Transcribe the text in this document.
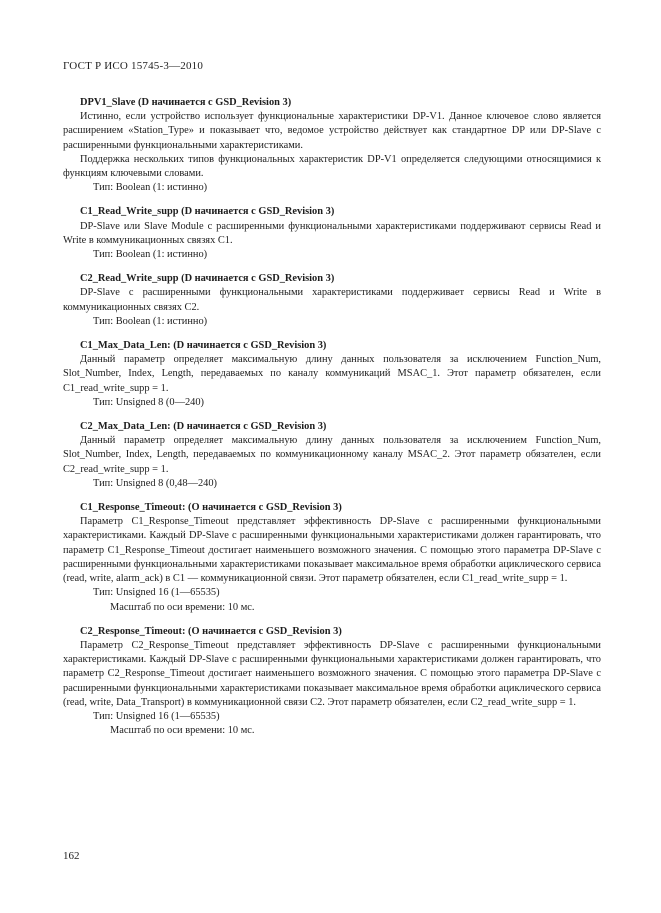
ГОСТ Р ИСО 15745-3—2010

DPV1_Slave (D начинается с GSD_Revision 3)

Истинно, если устройство использует функциональные характеристики DP-V1. Данное ключевое слово является расширением «Station_Type» и показывает что, ведомое устройство действует как стандартное DP или DP-Slave с расширенными функциональными характеристиками.

Поддержка нескольких типов функциональных характеристик DP-V1 определяется следующими относящимися к функциям ключевыми словами.

Тип: Boolean (1: истинно)

C1_Read_Write_supp (D начинается с GSD_Revision 3)

DP-Slave или Slave Module с расширенными функциональными характеристиками поддерживают сервисы Read и Write в коммуникационных связях C1.

Тип: Boolean (1: истинно)

C2_Read_Write_supp (D начинается с GSD_Revision 3)

DP-Slave с расширенными функциональными характеристиками поддерживает сервисы Read и Write в коммуникационных связях C2.

Тип: Boolean (1: истинно)

C1_Max_Data_Len: (D начинается с GSD_Revision 3)

Данный параметр определяет максимальную длину данных пользователя за исключением Function_Num, Slot_Number, Index, Length, передаваемых по каналу коммуникаций MSAC_1. Этот параметр обязателен, если C1_read_write_supp = 1.

Тип: Unsigned 8 (0—240)

C2_Max_Data_Len: (D начинается с GSD_Revision 3)

Данный параметр определяет максимальную длину данных пользователя за исключением Function_Num, Slot_Number, Index, Length, передаваемых по коммуникационному каналу MSAC_2. Этот параметр обязателен, если C2_read_write_supp = 1.

Тип: Unsigned 8 (0,48—240)

C1_Response_Timeout: (O начинается с GSD_Revision 3)

Параметр C1_Response_Timeout представляет эффективность DP-Slave с расширенными функциональными характеристиками. Каждый DP-Slave с расширенными функциональными характеристиками должен гарантировать, что параметр C1_Response_Timeout достигает наименьшего возможного значения. С помощью этого параметра DP-Slave с расширенными функциональными характеристиками показывает максимальное время обработки ациклического сервиса (read, write, alarm_ack) в C1 — коммуникационной связи. Этот параметр обязателен, если C1_read_write_supp = 1.

Тип: Unsigned 16 (1—65535)

Масштаб по оси времени: 10 мс.

C2_Response_Timeout: (O начинается с GSD_Revision 3)

Параметр C2_Response_Timeout представляет эффективность DP-Slave с расширенными функциональными характеристиками. Каждый DP-Slave с расширенными функциональными характеристиками должен гарантировать, что параметр C2_Response_Timeout достигает наименьшего возможного значения. С помощью этого параметра DP-Slave с расширенными функциональными характеристиками показывает максимальное время обработки ациклического сервиса (read, write, Data_Transport) в коммуникационной связи C2. Этот параметр обязателен, если C2_read_write_supp = 1.

Тип: Unsigned 16 (1—65535)

Масштаб по оси времени: 10 мс.

162
